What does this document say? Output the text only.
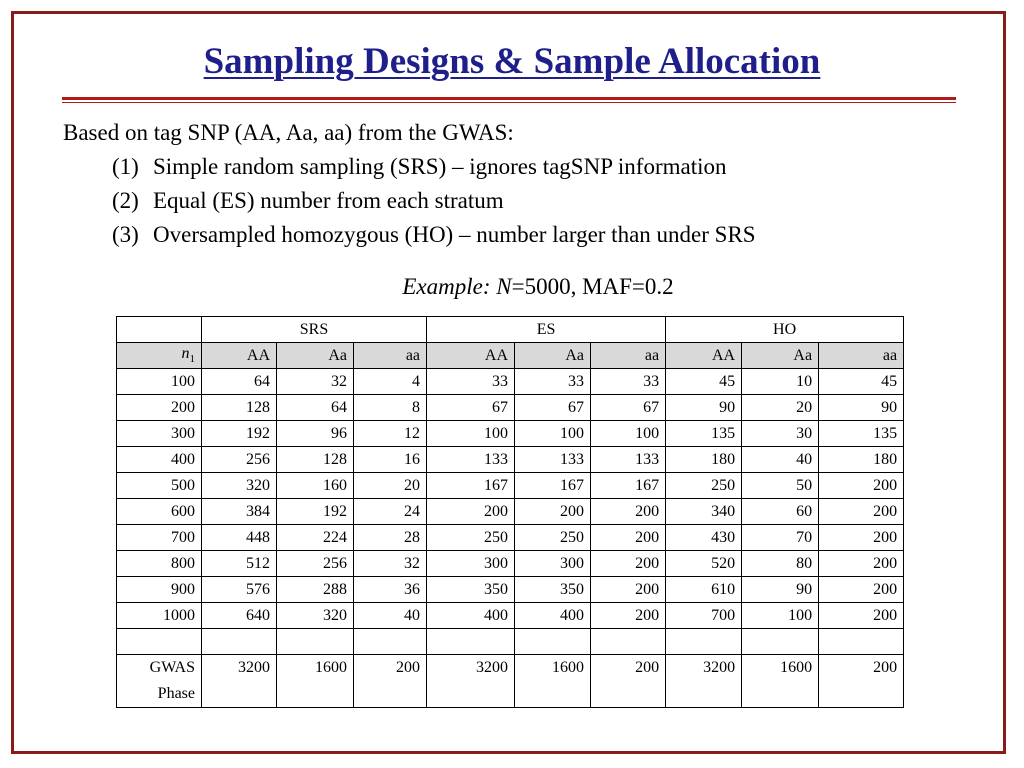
Sampling Designs & Sample Allocation
Based on tag SNP (AA, Aa, aa) from the GWAS:
(1) Simple random sampling (SRS) – ignores tagSNP information
(2) Equal (ES) number from each stratum
(3) Oversampled homozygous (HO) – number larger than under SRS
Example: N=5000, MAF=0.2
	SRS			ES			HO		
$n_1$	AA	Aa	aa	AA	Aa	aa	AA	Aa	aa
100	64	32	4	33	33	33	45	10	45
200	128	64	8	67	67	67	90	20	90
300	192	96	12	100	100	100	135	30	135
400	256	128	16	133	133	133	180	40	180
500	320	160	20	167	167	167	250	50	200
600	384	192	24	200	200	200	340	60	200
700	448	224	28	250	250	200	430	70	200
800	512	256	32	300	300	200	520	80	200
900	576	288	36	350	350	200	610	90	200
1000	640	320	40	400	400	200	700	100	200

GWAS
Phase	3200	1600	200	3200	1600	200	3200	1600	200
